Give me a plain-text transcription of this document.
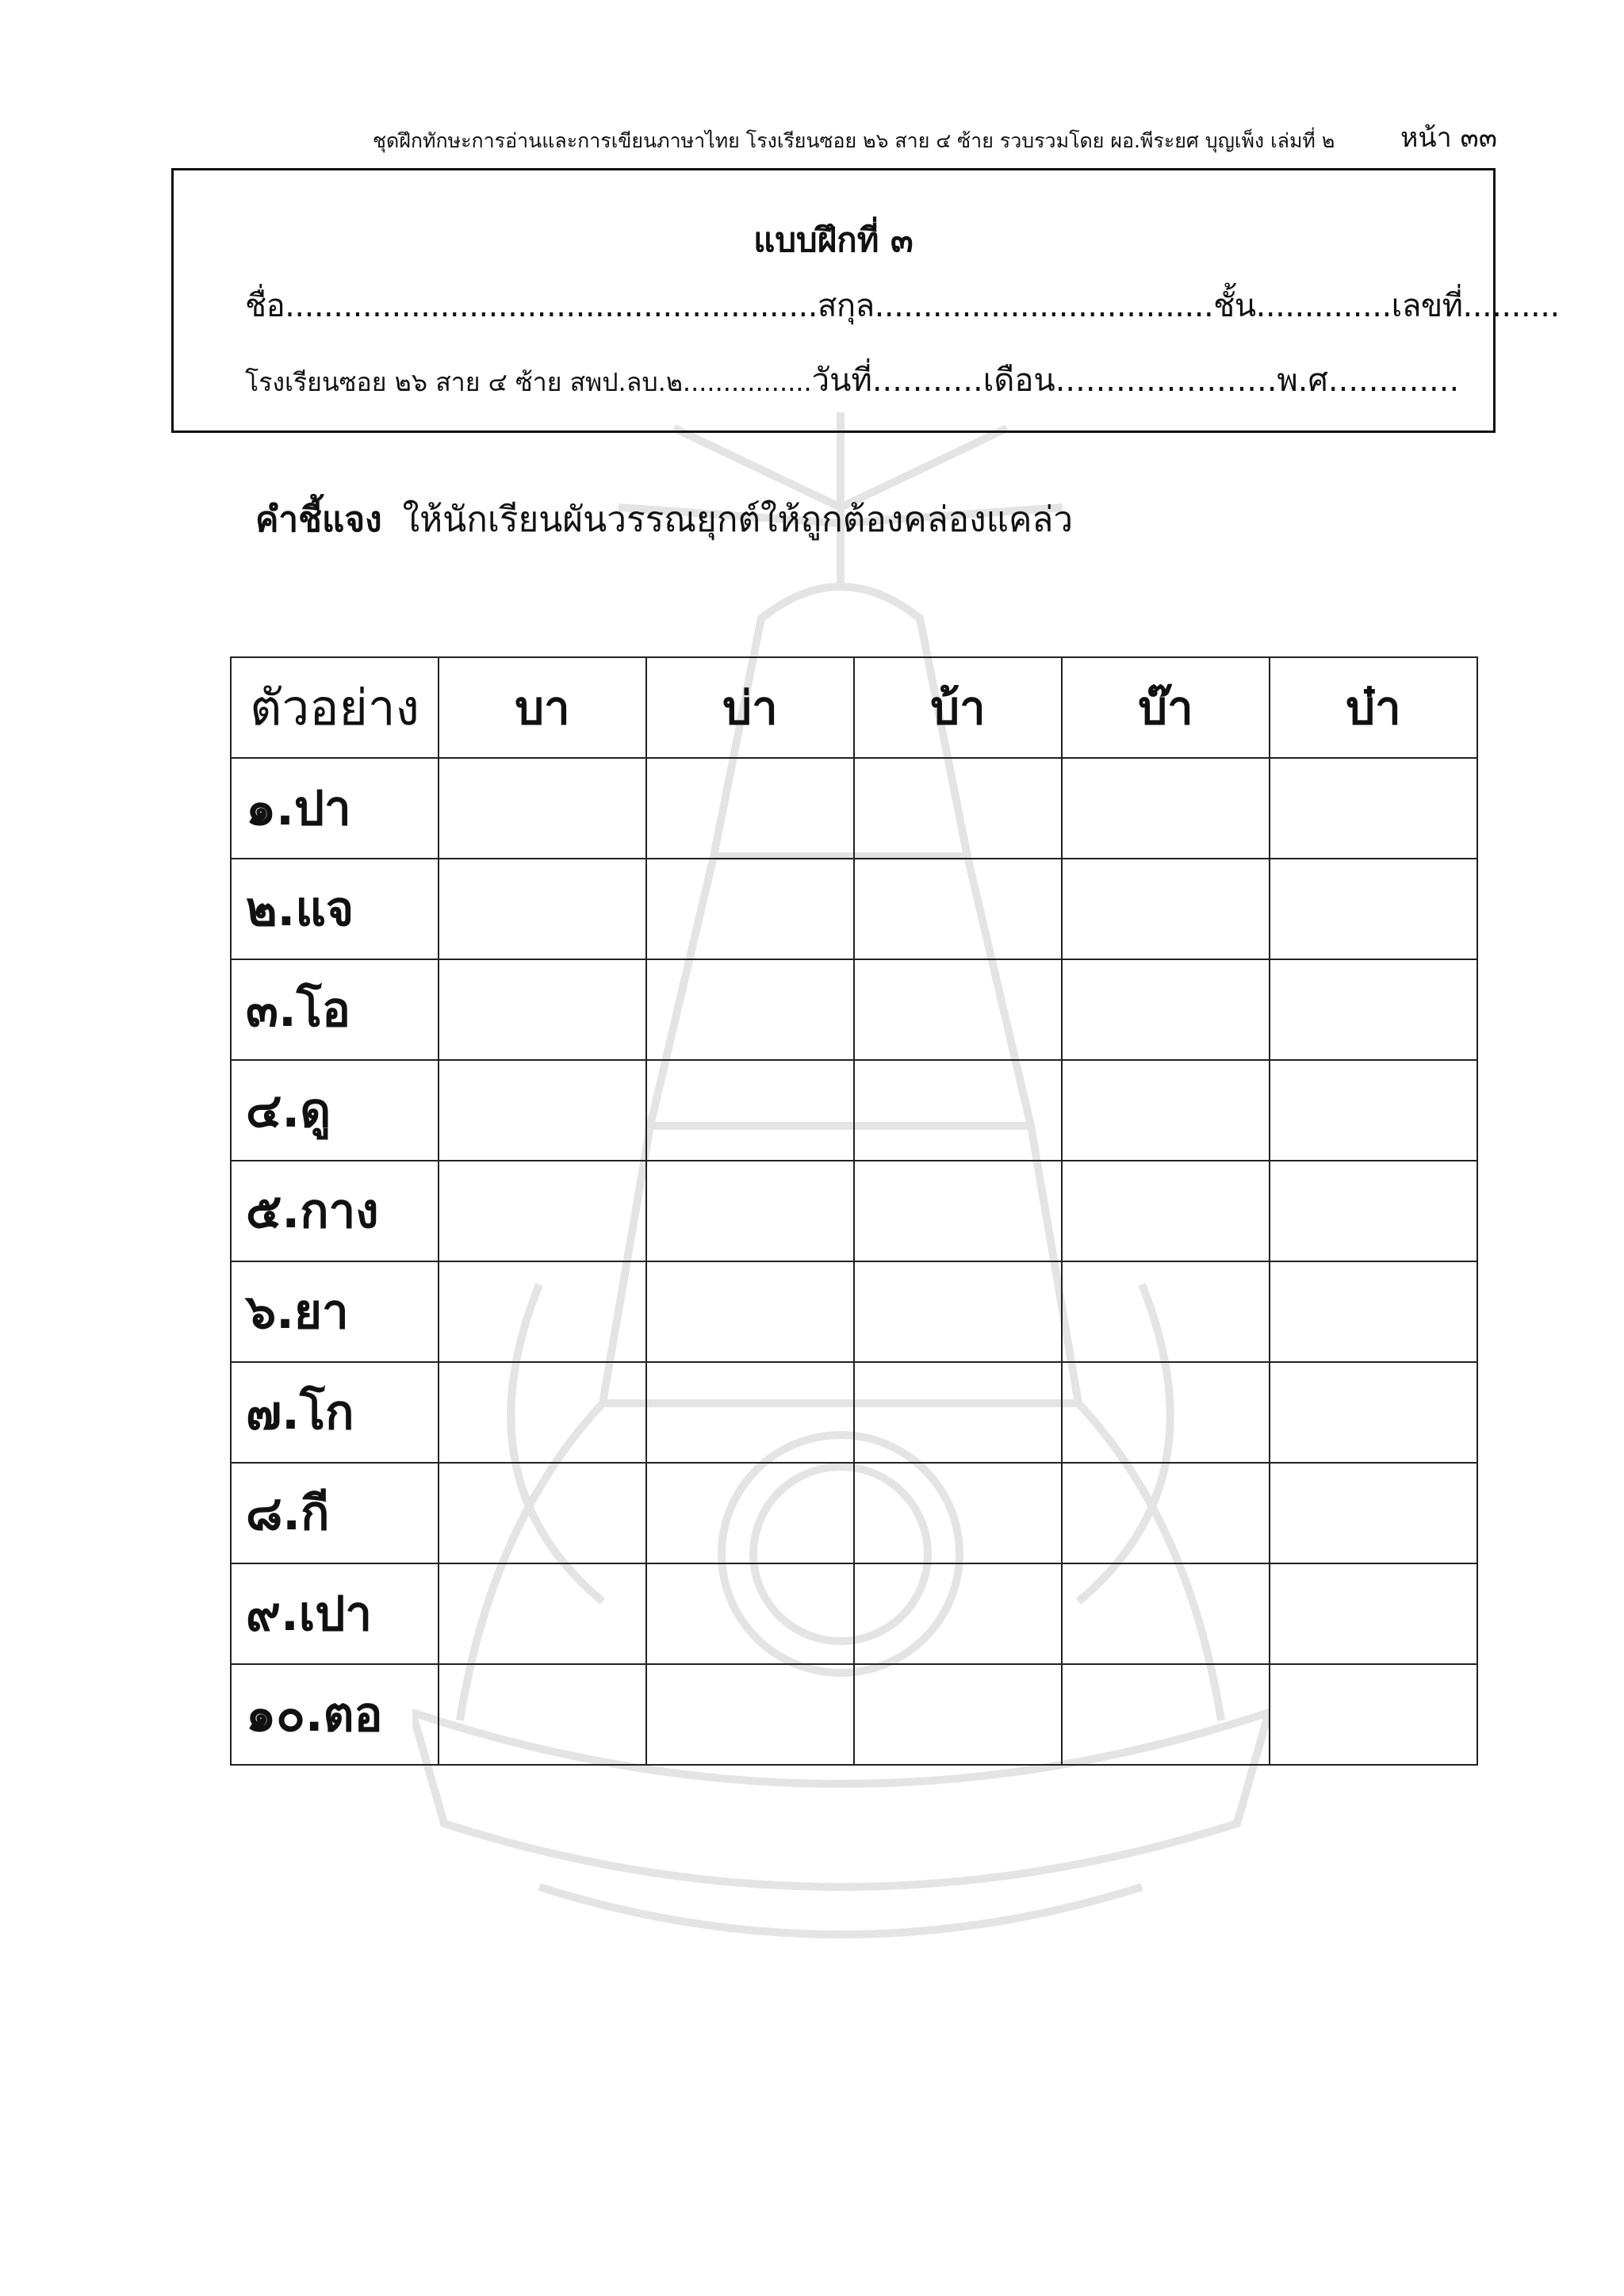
ชุดฝึกทักษะการอ่านและการเขียนภาษาไทย โรงเรียนซอย ๒๖ สาย ๔ ซ้าย รวบรวมโดย ผอ.พีระยศ บุญเพ็ง เล่มที่ ๒ หน้า ๓๓
แบบฝึกที่ ๓
ชื่อ.......................................................สกุล...................................ชั้น..............เลขที่..........
โรงเรียนซอย ๒๖ สาย ๔ ซ้าย สพป.ลบ.๒................วันที่...........เดือน......................พ.ศ.............
คำชี้แจง ให้นักเรียนผันวรรณยุกต์ให้ถูกต้องคล่องแคล่ว
ตัวอย่าง	บา	บ่า	บ้า	บ๊า	บ๋า
๑.ปา					
๒.แจ					
๓.โอ					
๔.ดู					
๕.กาง					
๖.ยา					
๗.โก					
๘.กี					
๙.เปา					
๑๐.ตอ					
